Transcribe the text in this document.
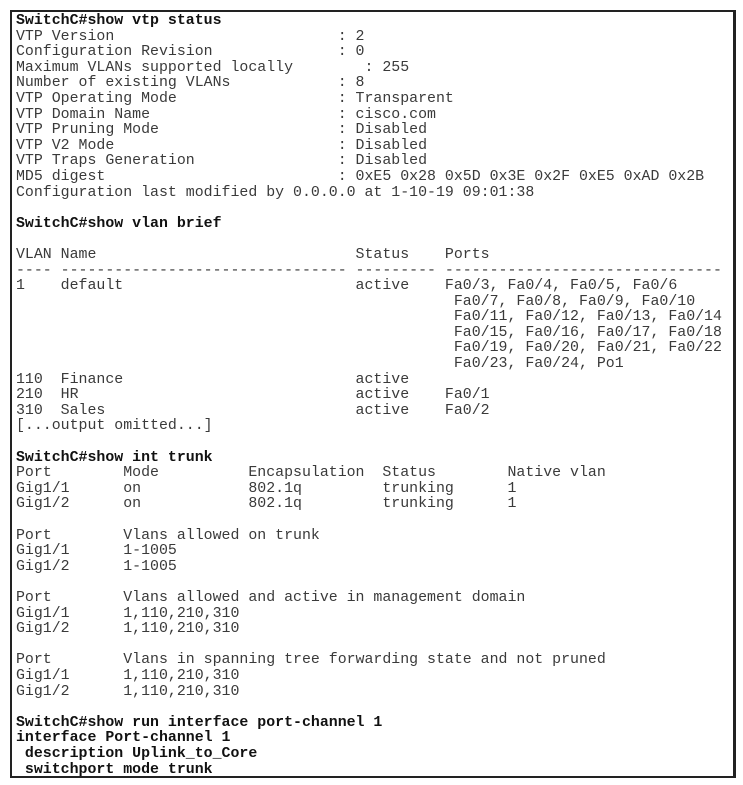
SwitchC#show vtp status
VTP Version                         : 2
Configuration Revision              : 0
Maximum VLANs supported locally        : 255
Number of existing VLANs            : 8
VTP Operating Mode                  : Transparent
VTP Domain Name                     : cisco.com
VTP Pruning Mode                    : Disabled
VTP V2 Mode                         : Disabled
VTP Traps Generation                : Disabled
MD5 digest                          : 0xE5 0x28 0x5D 0x3E 0x2F 0xE5 0xAD 0x2B
Configuration last modified by 0.0.0.0 at 1-10-19 09:01:38
SwitchC#show vlan brief
VLAN Name                             Status    Ports
---- -------------------------------- --------- -------------------------------
1    default                          active    Fa0/3, Fa0/4, Fa0/5, Fa0/6
Fa0/7, Fa0/8, Fa0/9, Fa0/10
Fa0/11, Fa0/12, Fa0/13, Fa0/14
Fa0/15, Fa0/16, Fa0/17, Fa0/18
Fa0/19, Fa0/20, Fa0/21, Fa0/22
Fa0/23, Fa0/24, Po1
110  Finance                          active
210  HR                               active    Fa0/1
310  Sales                            active    Fa0/2
[...output omitted...]
SwitchC#show int trunk
Port        Mode          Encapsulation  Status        Native vlan
Gig1/1      on            802.1q         trunking      1
Gig1/2      on            802.1q         trunking      1
Port        Vlans allowed on trunk
Gig1/1      1-1005
Gig1/2      1-1005
Port        Vlans allowed and active in management domain
Gig1/1      1,110,210,310
Gig1/2      1,110,210,310
Port        Vlans in spanning tree forwarding state and not pruned
Gig1/1      1,110,210,310
Gig1/2      1,110,210,310
SwitchC#show run interface port-channel 1
interface Port-channel 1
description Uplink_to_Core
switchport mode trunk
